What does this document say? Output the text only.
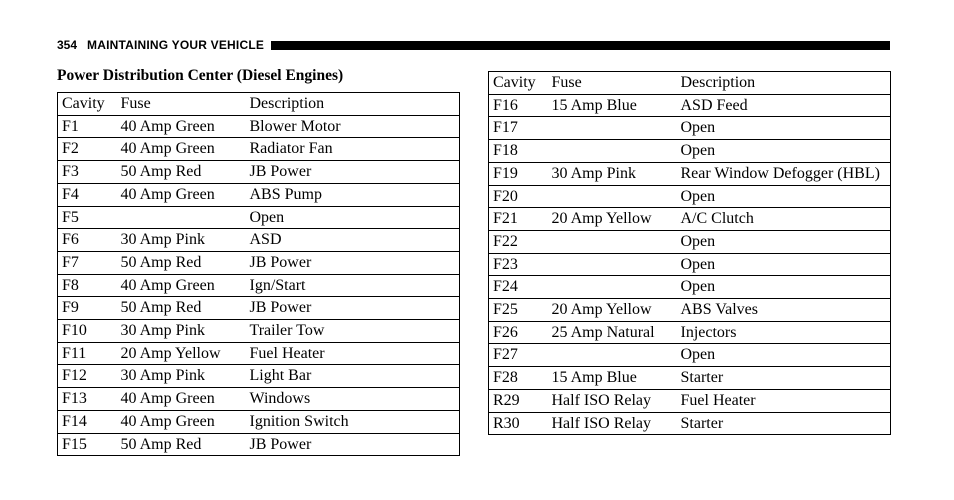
354 MAINTAINING YOUR VEHICLE
Power Distribution Center (Diesel Engines)
Cavity	Fuse	Description
F1	40 Amp Green	Blower Motor
F2	40 Amp Green	Radiator Fan
F3	50 Amp Red	JB Power
F4	40 Amp Green	ABS Pump
F5		Open
F6	30 Amp Pink	ASD
F7	50 Amp Red	JB Power
F8	40 Amp Green	Ign/Start
F9	50 Amp Red	JB Power
F10	30 Amp Pink	Trailer Tow
F11	20 Amp Yellow	Fuel Heater
F12	30 Amp Pink	Light Bar
F13	40 Amp Green	Windows
F14	40 Amp Green	Ignition Switch
F15	50 Amp Red	JB Power
Cavity	Fuse	Description
F16	15 Amp Blue	ASD Feed
F17		Open
F18		Open
F19	30 Amp Pink	Rear Window Defogger (HBL)
F20		Open
F21	20 Amp Yellow	A/C Clutch
F22		Open
F23		Open
F24		Open
F25	20 Amp Yellow	ABS Valves
F26	25 Amp Natural	Injectors
F27		Open
F28	15 Amp Blue	Starter
R29	Half ISO Relay	Fuel Heater
R30	Half ISO Relay	Starter
